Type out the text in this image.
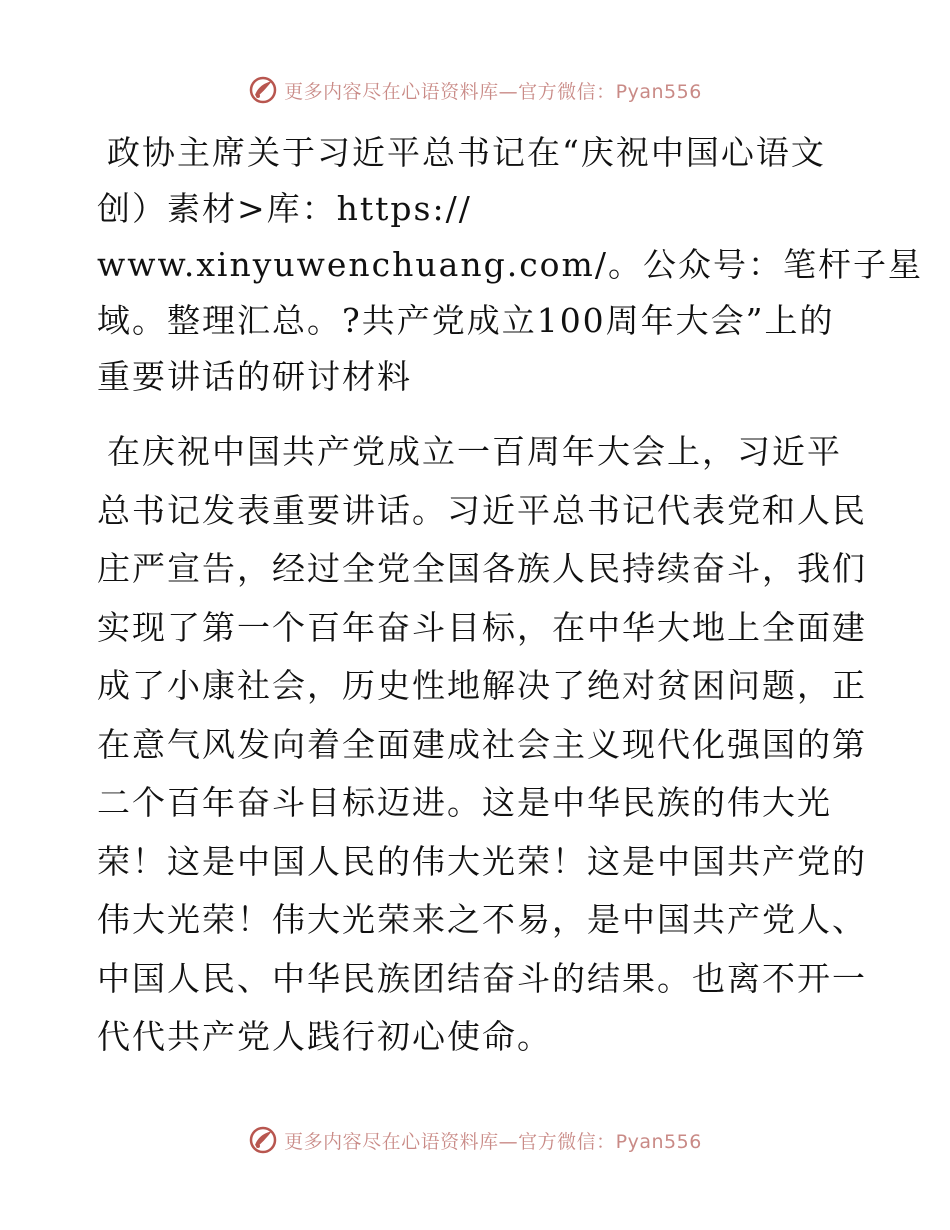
更多内容尽在心语资料库—官方微信：Pyan556
政协主席关于习近平总书记在“庆祝中国心语文
创）素材>库：https://
www.xinyuwenchuang.com/。公众号：笔杆子星
域。整理汇总。?共产党成立100周年大会”上的
重要讲话的研讨材料
在庆祝中国共产党成立一百周年大会上，习近平
总书记发表重要讲话。习近平总书记代表党和人民
庄严宣告，经过全党全国各族人民持续奋斗，我们
实现了第一个百年奋斗目标，在中华大地上全面建
成了小康社会，历史性地解决了绝对贫困问题，正
在意气风发向着全面建成社会主义现代化强国的第
二个百年奋斗目标迈进。这是中华民族的伟大光
荣！这是中国人民的伟大光荣！这是中国共产党的
伟大光荣！伟大光荣来之不易，是中国共产党人、
中国人民、中华民族团结奋斗的结果。也离不开一
代代共产党人践行初心使命。
更多内容尽在心语资料库—官方微信：Pyan556
